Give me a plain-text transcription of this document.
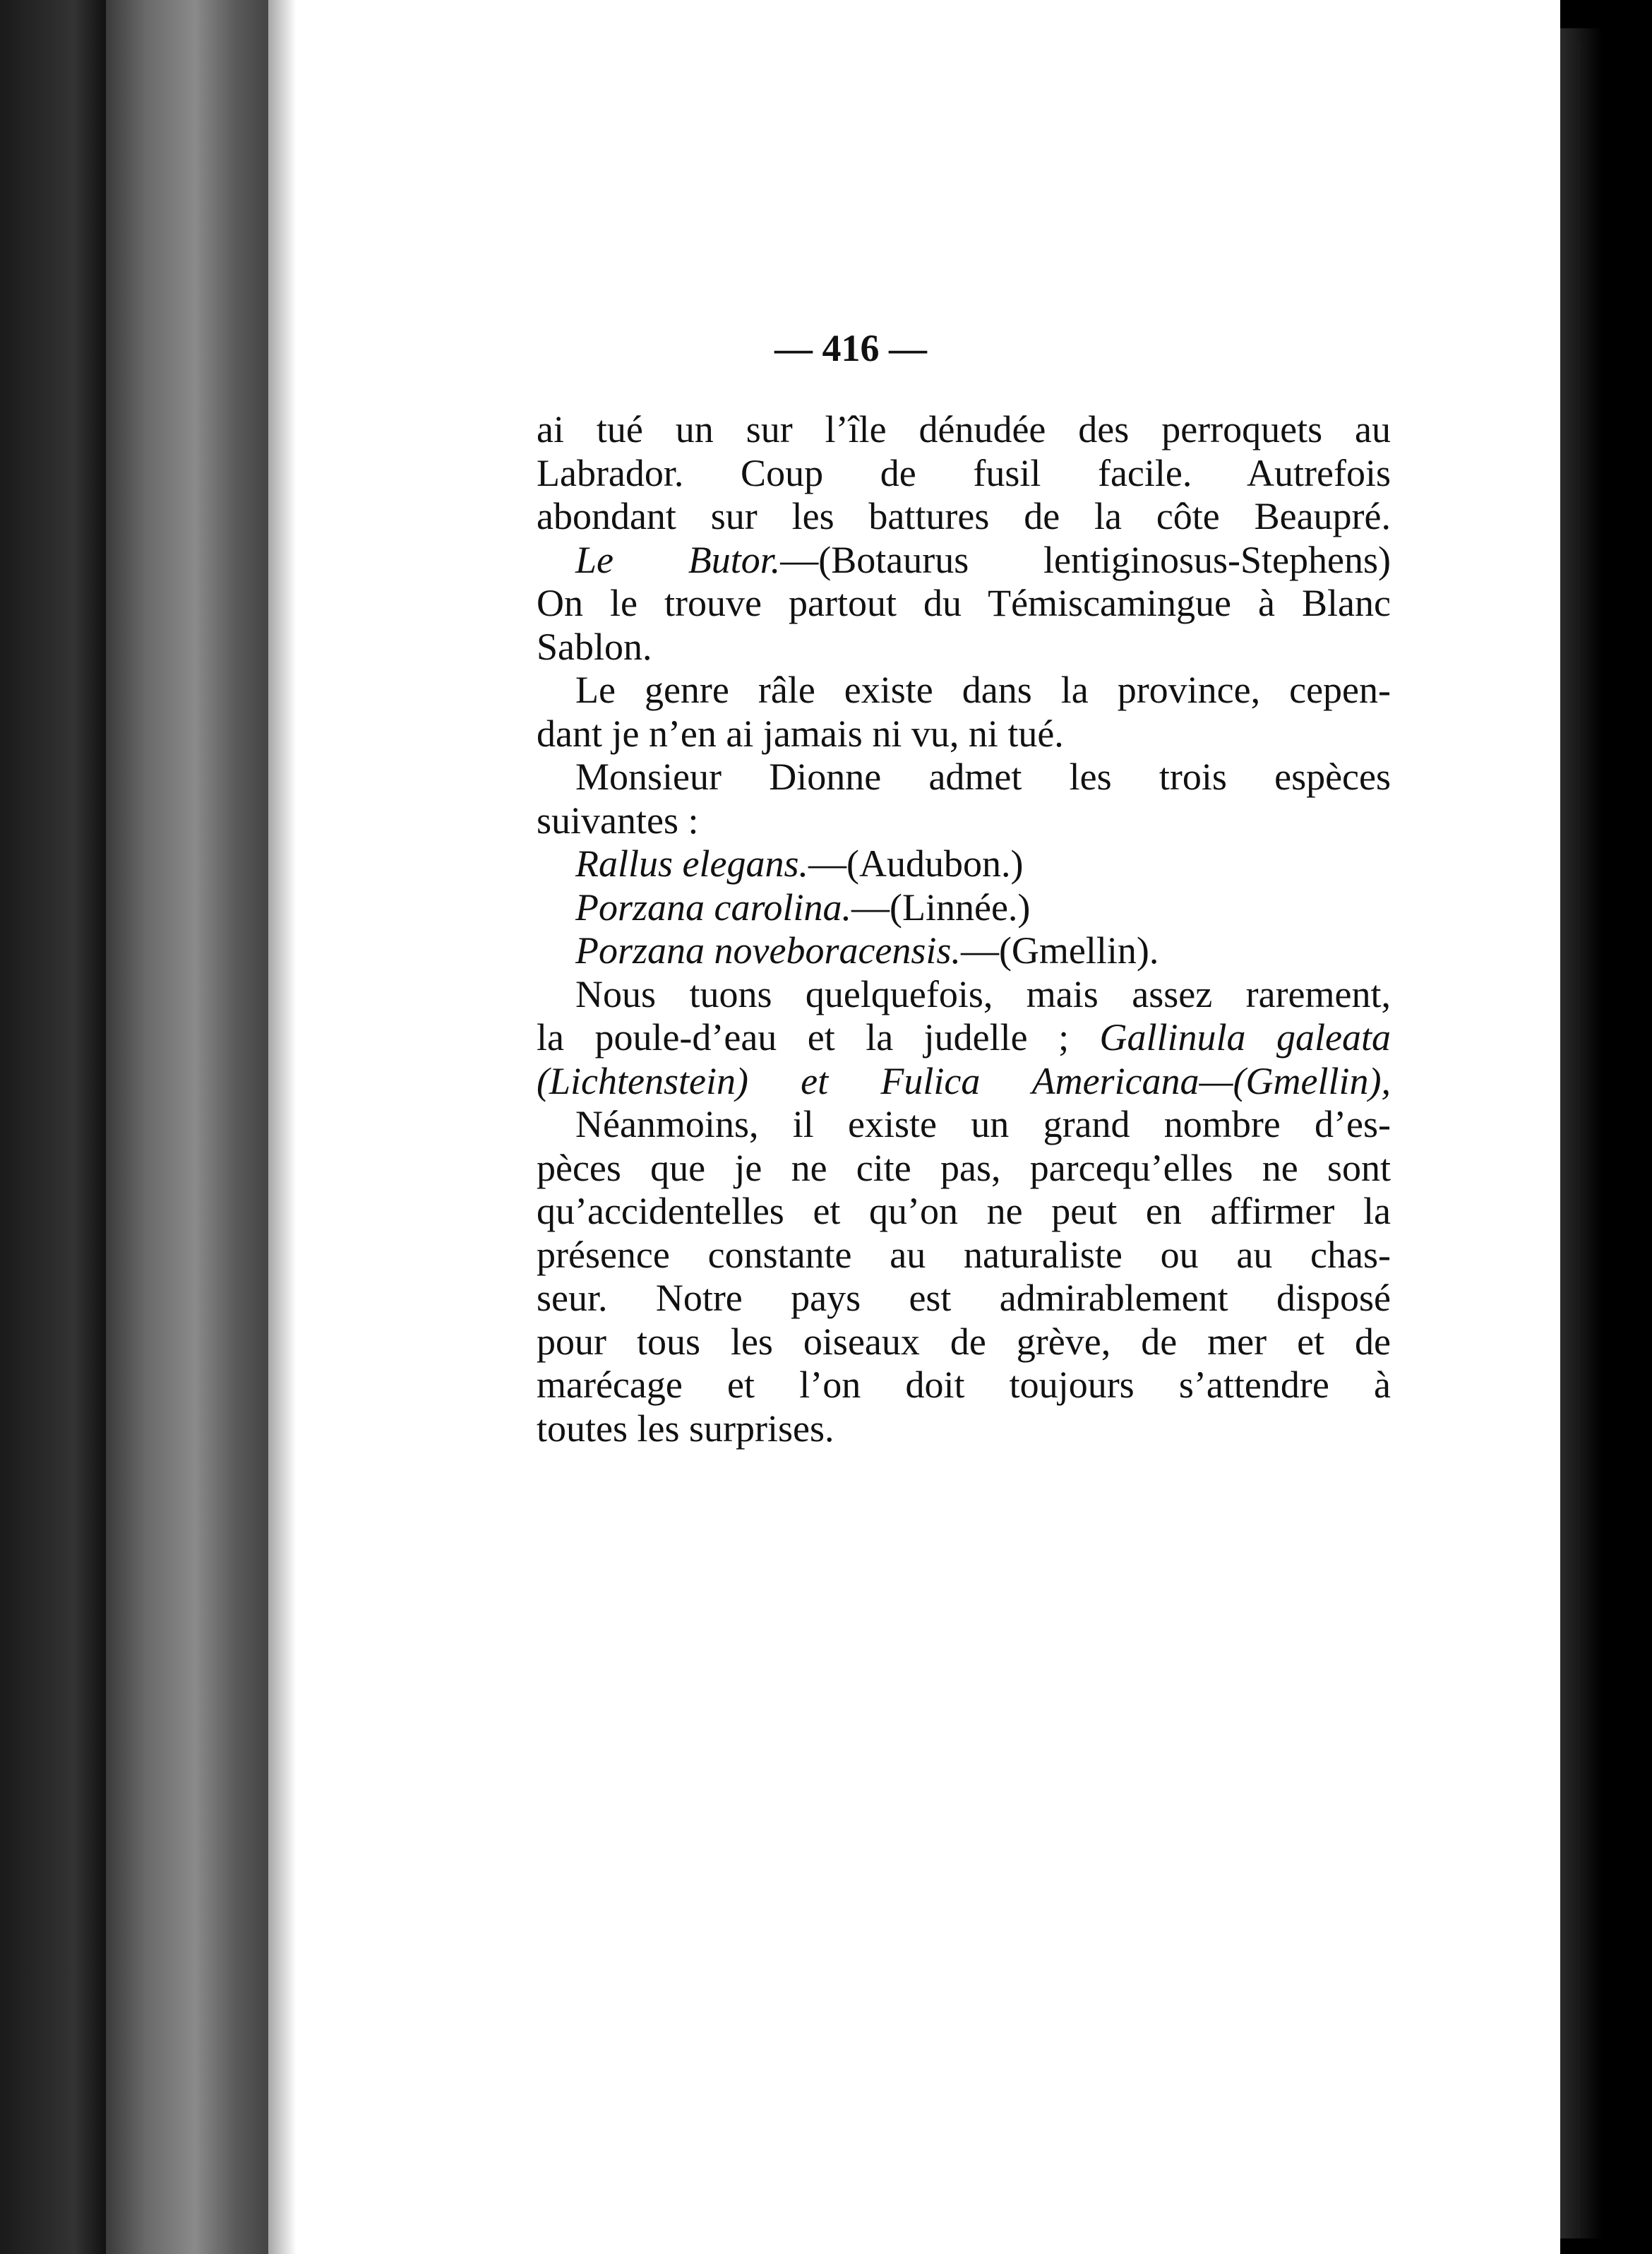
— 416 —
ai tué un sur l’île dénudée des perroquets au
Labrador. Coup de fusil facile. Autrefois
abondant sur les battures de la côte Beaupré.
Le Butor.—(Botaurus lentiginosus-Stephens)
On le trouve partout du Témiscamingue à Blanc
Sablon.
Le genre râle existe dans la province, cepen-
dant je n’en ai jamais ni vu, ni tué.
Monsieur Dionne admet les trois espèces
suivantes :
Rallus elegans.—(Audubon.)
Porzana carolina.—(Linnée.)
Porzana noveboracensis.—(Gmellin).
Nous tuons quelquefois, mais assez rarement,
la poule-d’eau et la judelle ; Gallinula galeata
(Lichtenstein) et Fulica Americana—(Gmellin),
Néanmoins, il existe un grand nombre d’es-
pèces que je ne cite pas, parcequ’elles ne sont
qu’accidentelles et qu’on ne peut en affirmer la
présence constante au naturaliste ou au chas-
seur. Notre pays est admirablement disposé
pour tous les oiseaux de grève, de mer et de
marécage et l’on doit toujours s’attendre à
toutes les surprises.
